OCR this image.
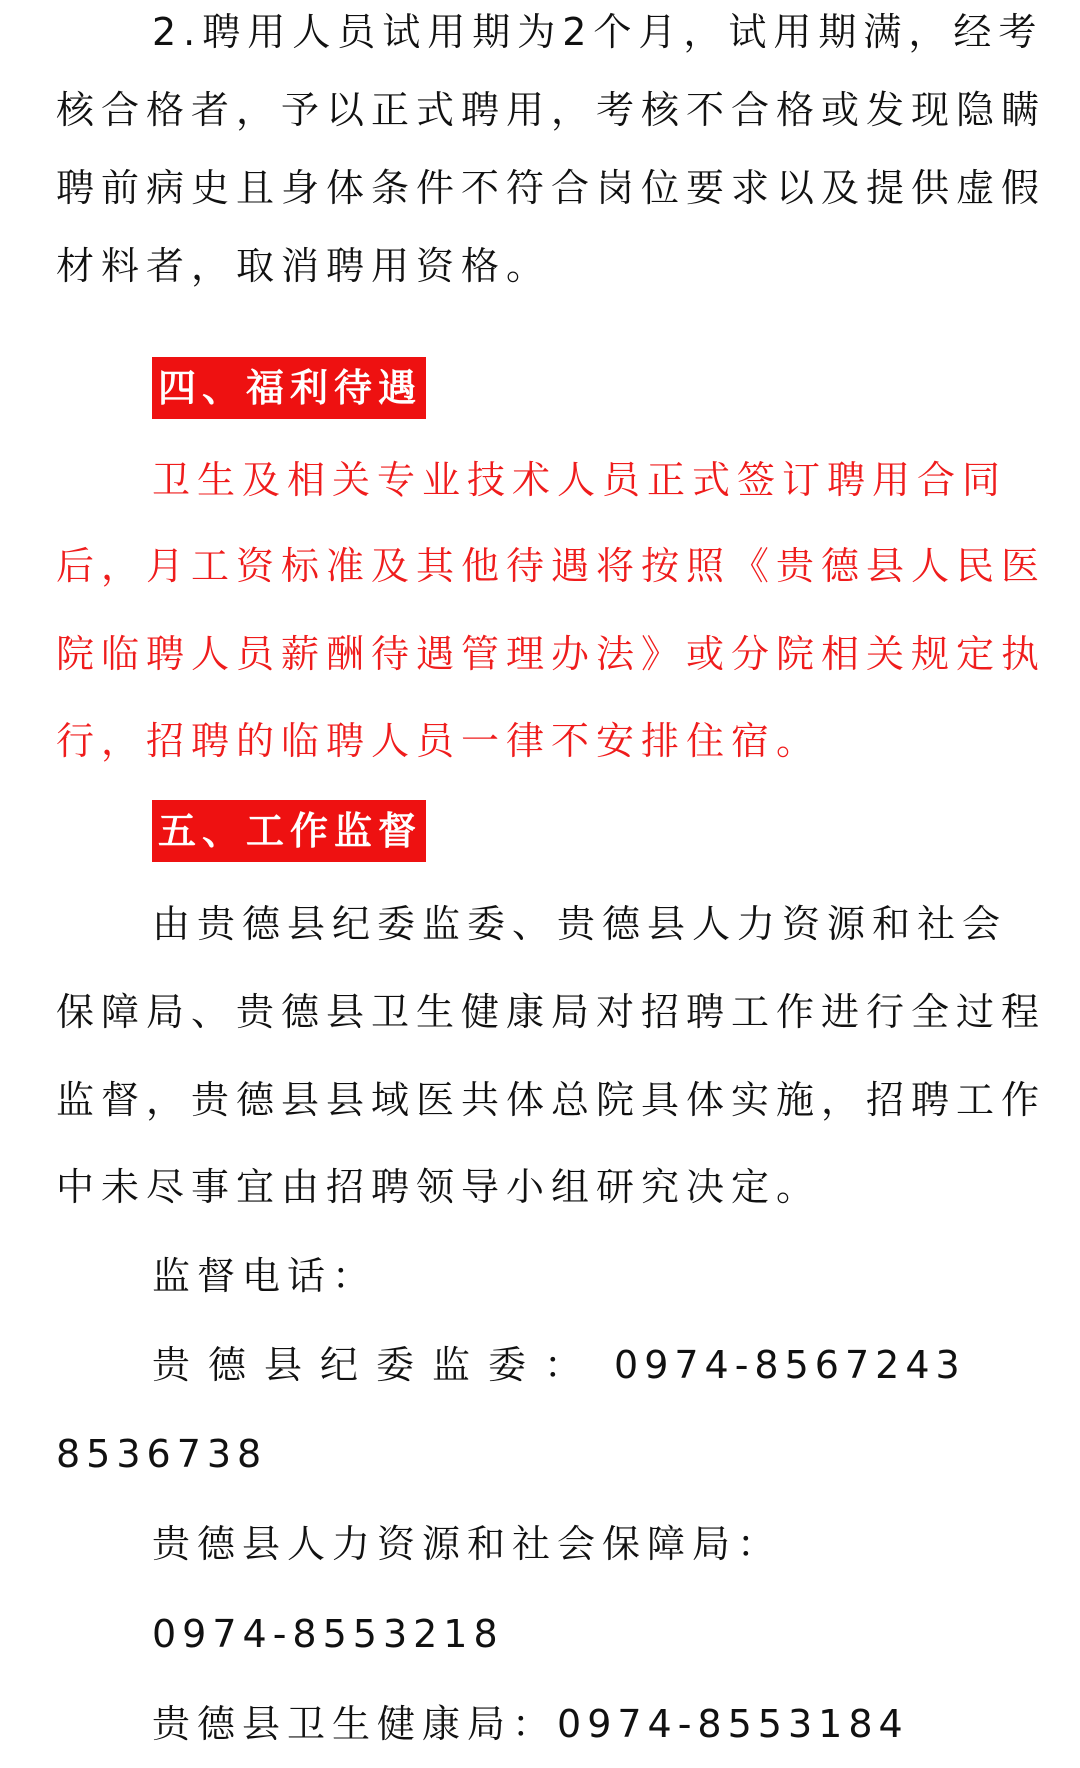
2.聘用人员试用期为2个月，试用期满，经考
核合格者，予以正式聘用，考核不合格或发现隐瞒
聘前病史且身体条件不符合岗位要求以及提供虚假
材料者，取消聘用资格。
四、福利待遇
卫生及相关专业技术人员正式签订聘用合同
后，月工资标准及其他待遇将按照《贵德县人民医
院临聘人员薪酬待遇管理办法》或分院相关规定执
行，招聘的临聘人员一律不安排住宿。
五、工作监督
由贵德县纪委监委、贵德县人力资源和社会
保障局、贵德县卫生健康局对招聘工作进行全过程
监督，贵德县县域医共体总院具体实施，招聘工作
中未尽事宜由招聘领导小组研究决定。
监督电话：
贵德县纪委监委： 0974-8567243
8536738
贵德县人力资源和社会保障局：
0974-8553218
贵德县卫生健康局：0974-8553184
